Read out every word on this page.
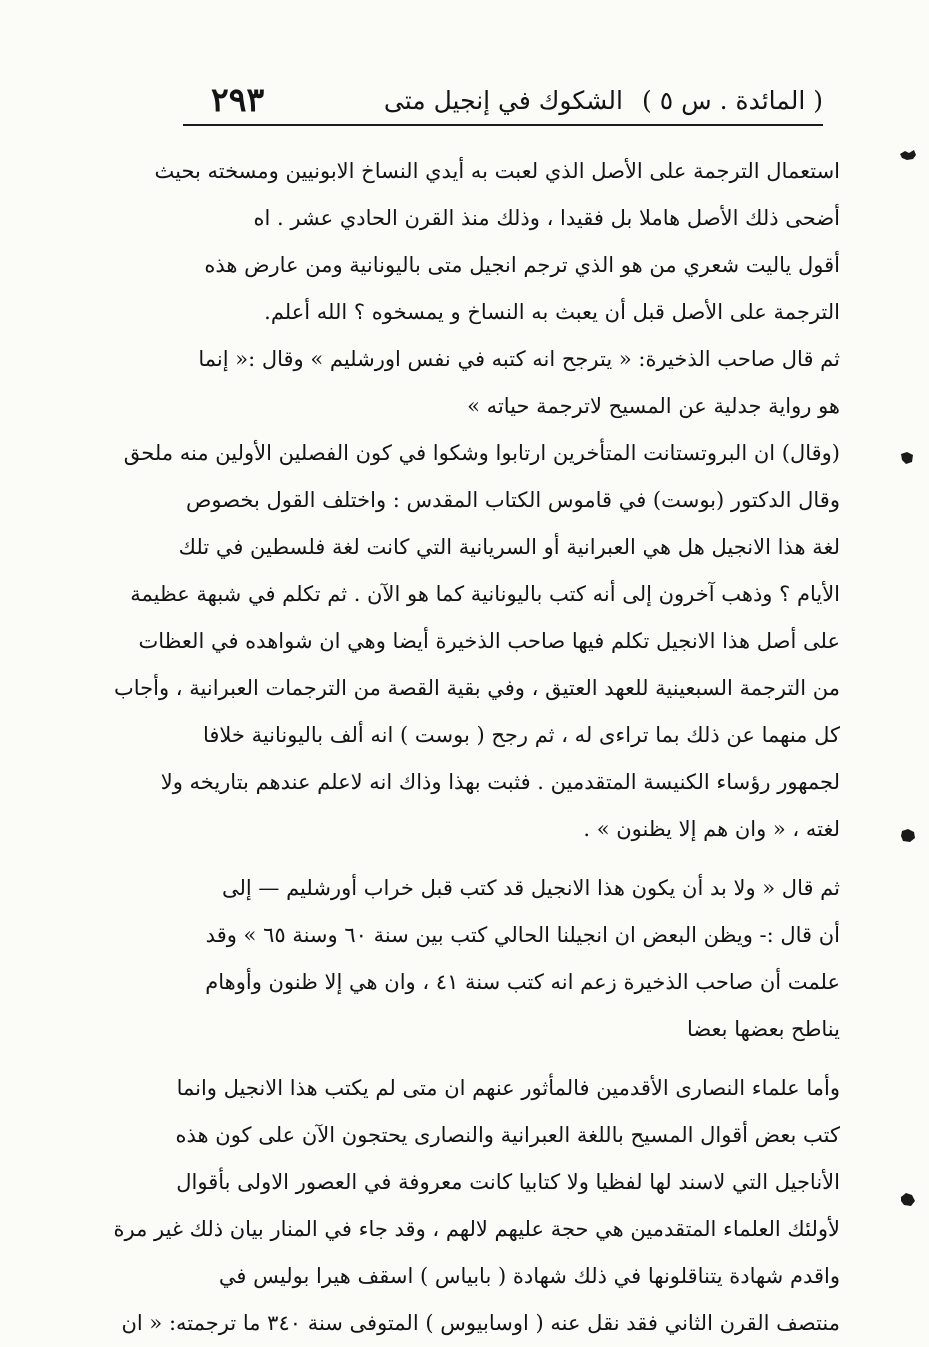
( المائدة . س ٥ )
الشكوك في إنجيل متى
٢٩٣
استعمال الترجمة على الأصل الذي لعبت به أيدي النساخ الابونيين ومسخته بحيث
أضحى ذلك الأصل هاملا بل فقيدا ، وذلك منذ القرن الحادي عشر . اه
أقول ياليت شعري من هو الذي ترجم انجيل متى باليونانية ومن عارض هذه
الترجمة على الأصل قبل أن يعبث به النساخ و يمسخوه ؟ الله أعلم.
ثم قال صاحب الذخيرة: « يترجح انه كتبه في نفس اورشليم » وقال :« إنما
هو رواية جدلية عن المسيح لاترجمة حياته »
(وقال) ان البروتستانت المتأخرين ارتابوا وشكوا في كون الفصلين الأولين منه ملحق
وقال الدكتور (بوست) في قاموس الكتاب المقدس : واختلف القول بخصوص
لغة هذا الانجيل هل هي العبرانية أو السريانية التي كانت لغة فلسطين في تلك
الأيام ؟ وذهب آخرون إلى أنه كتب باليونانية كما هو الآن . ثم تكلم في شبهة عظيمة
على أصل هذا الانجيل تكلم فيها صاحب الذخيرة أيضا وهي ان شواهده في العظات
من الترجمة السبعينية للعهد العتيق ، وفي بقية القصة من الترجمات العبرانية ، وأجاب
كل منهما عن ذلك بما تراءى له ، ثم رجح ( بوست ) انه ألف باليونانية خلافا
لجمهور رؤساء الكنيسة المتقدمين . فثبت بهذا وذاك انه لاعلم عندهم بتاريخه ولا
لغته ، « وان هم إلا يظنون » .
ثم قال « ولا بد أن يكون هذا الانجيل قد كتب قبل خراب أورشليم — إلى
أن قال :- ويظن البعض ان انجيلنا الحالي كتب بين سنة ٦٠ وسنة ٦٥ » وقد
علمت أن صاحب الذخيرة زعم انه كتب سنة ٤١ ، وان هي إلا ظنون وأوهام
يناطح بعضها بعضا
وأما علماء النصارى الأقدمين فالمأثور عنهم ان متى لم يكتب هذا الانجيل وانما
كتب بعض أقوال المسيح باللغة العبرانية والنصارى يحتجون الآن على كون هذه
الأناجيل التي لاسند لها لفظيا ولا كتابيا كانت معروفة في العصور الاولى بأقوال
لأولئك العلماء المتقدمين هي حجة عليهم لالهم ، وقد جاء في المنار بيان ذلك غير مرة
واقدم شهادة يتناقلونها في ذلك شهادة ( بابياس ) اسقف هيرا بوليس في
منتصف القرن الثاني فقد نقل عنه ( اوسابيوس ) المتوفى سنة ٣٤٠ ما ترجمته: « ان
